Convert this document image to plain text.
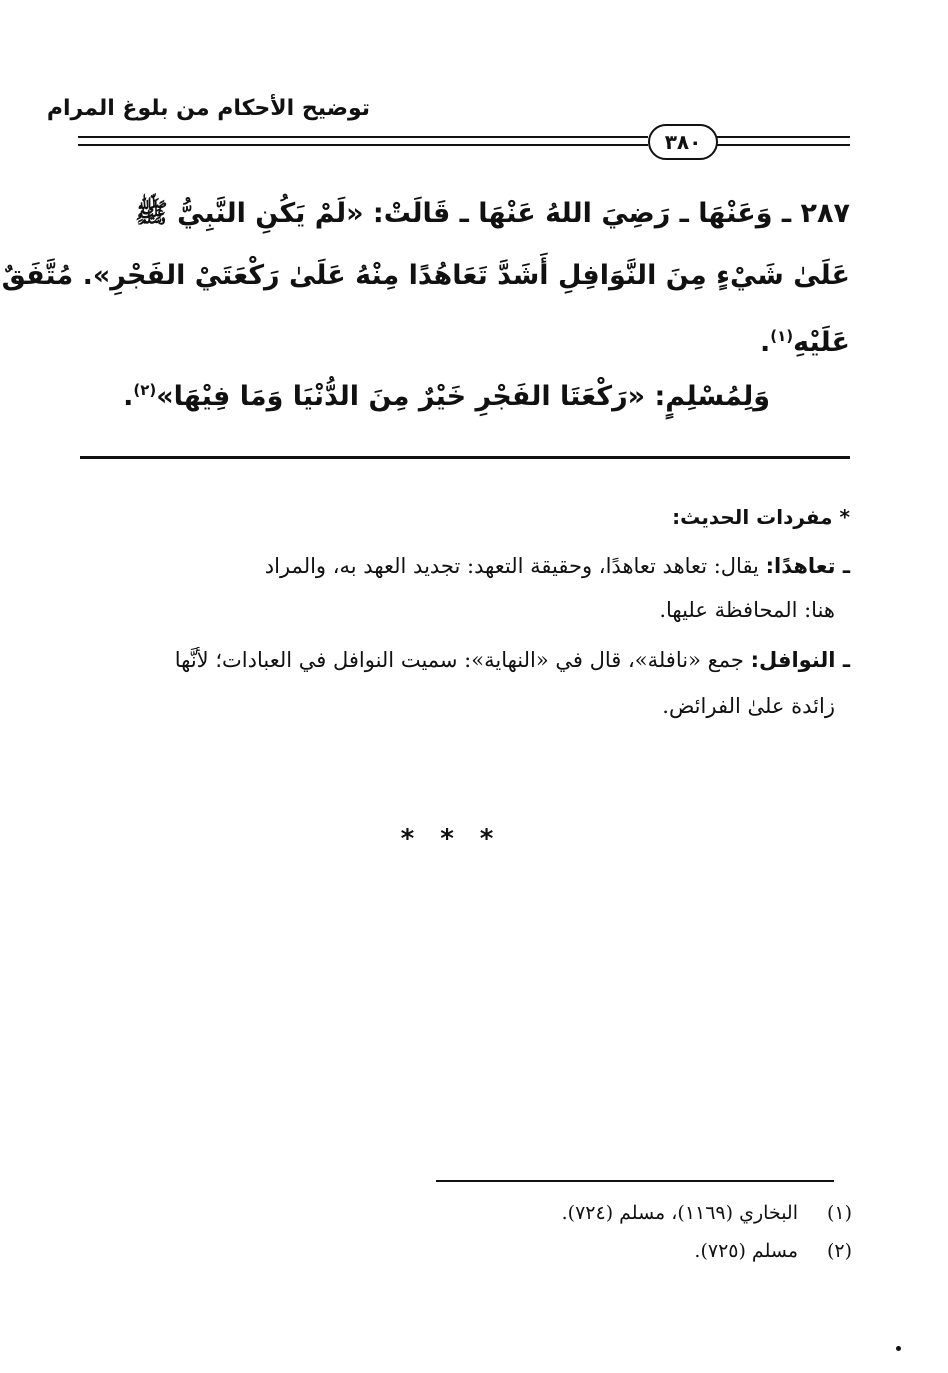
توضيح الأحكام من بلوغ المرام
٣٨٠
٢٨٧ ـ وَعَنْهَا ـ رَضِيَ اللهُ عَنْهَا ـ قَالَتْ: «لَمْ يَكُنِ النَّبِيُّ ﷺ
عَلَىٰ شَيْءٍ مِنَ النَّوَافِلِ أَشَدَّ تَعَاهُدًا مِنْهُ عَلَىٰ رَكْعَتَيْ الفَجْرِ». مُتَّفَقٌ
عَلَيْهِ$^{(١)}$.
وَلِمُسْلِمٍ: «رَكْعَتَا الفَجْرِ خَيْرٌ مِنَ الدُّنْيَا وَمَا فِيْهَا»$^{(٢)}$.
* مفردات الحديث:
ـ تعاهدًا: يقال: تعاهد تعاهدًا، وحقيقة التعهد: تجديد العهد به، والمراد
هنا: المحافظة عليها.
ـ النوافل: جمع «نافلة»، قال في «النهاية»: سميت النوافل في العبادات؛ لأنَّها
زائدة علىٰ الفرائض.
***
(١)البخاري (١١٦٩)، مسلم (٧٢٤).
(٢)مسلم (٧٢٥).
